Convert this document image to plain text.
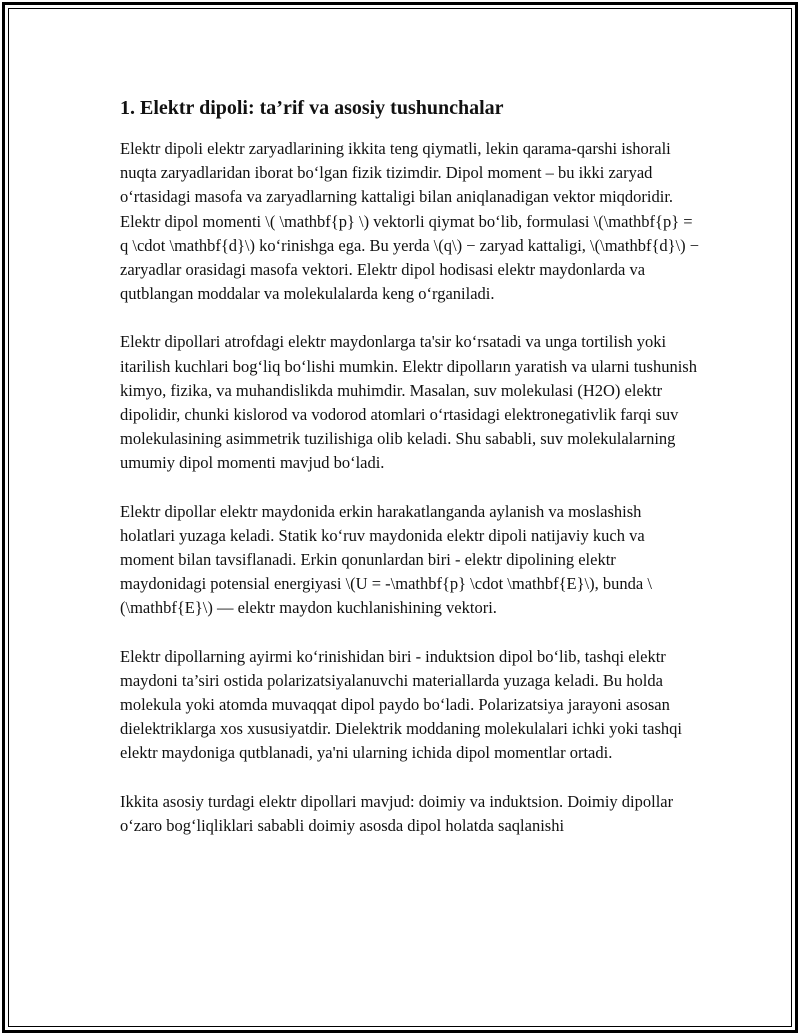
1. Elektr dipoli: ta’rif va asosiy tushunchalar

Elektr dipoli elektr zaryadlarining ikkita teng qiymatli, lekin qarama-qarshi ishorali nuqta zaryadlaridan iborat bo‘lgan fizik tizimdir. Dipol moment – bu ikki zaryad o‘rtasidagi masofa va zaryadlarning kattaligi bilan aniqlanadigan vektor miqdoridir. Elektr dipol momenti \( \mathbf{p} \) vektorli qiymat bo‘lib, formulasi \(\mathbf{p} = q \cdot \mathbf{d}\) ko‘rinishga ega. Bu yerda \(q\) − zaryad kattaligi, \(\mathbf{d}\) − zaryadlar orasidagi masofa vektori. Elektr dipol hodisasi elektr maydonlarda va qutblangan moddalar va molekulalarda keng o‘rganiladi.

Elektr dipollari atrofdagi elektr maydonlarga ta'sir ko‘rsatadi va unga tortilish yoki itarilish kuchlari bog‘liq bo‘lishi mumkin. Elektr dipolların yaratish va ularni tushunish kimyo, fizika, va muhandislikda muhimdir. Masalan, suv molekulasi (H2O) elektr dipolidir, chunki kislorod va vodorod atomlari o‘rtasidagi elektronegativlik farqi suv molekulasining asimmetrik tuzilishiga olib keladi. Shu sababli, suv molekulalarning umumiy dipol momenti mavjud bo‘ladi.

Elektr dipollar elektr maydonida erkin harakatlanganda aylanish va moslashish holatlari yuzaga keladi. Statik ko‘ruv maydonida elektr dipoli natijaviy kuch va moment bilan tavsiflanadi. Erkin qonunlardan biri - elektr dipolining elektr maydonidagi potensial energiyasi \(U = -\mathbf{p} \cdot \mathbf{E}\), bunda \(\mathbf{E}\) — elektr maydon kuchlanishining vektori.

Elektr dipollarning ayirmi ko‘rinishidan biri - induktsion dipol bo‘lib, tashqi elektr maydoni ta’siri ostida polarizatsiyalanuvchi materiallarda yuzaga keladi. Bu holda molekula yoki atomda muvaqqat dipol paydo bo‘ladi. Polarizatsiya jarayoni asosan dielektriklarga xos xususiyatdir. Dielektrik moddaning molekulalari ichki yoki tashqi elektr maydoniga qutblanadi, ya'ni ularning ichida dipol momentlar ortadi.

Ikkita asosiy turdagi elektr dipollari mavjud: doimiy va induktsion. Doimiy dipollar o‘zaro bog‘liqliklari sababli doimiy asosda dipol holatda saqlanishi
